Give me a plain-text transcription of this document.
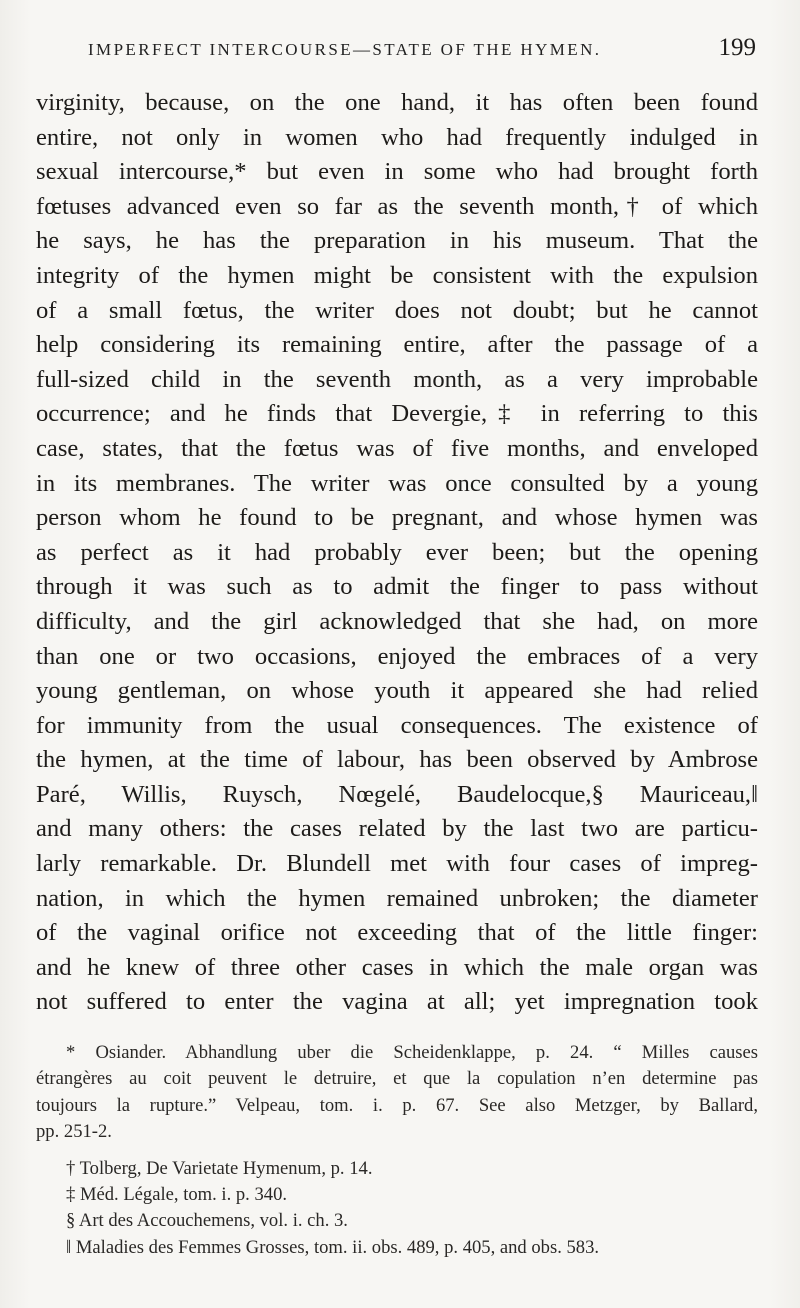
IMPERFECT INTERCOURSE—STATE OF THE HYMEN.	199
virginity, because, on the one hand, it has often been found
entire, not only in women who had frequently indulged in
sexual intercourse,* but even in some who had brought forth
fœtuses advanced even so far as the seventh month,† of which
he says, he has the preparation in his museum. That the
integrity of the hymen might be consistent with the expulsion
of a small fœtus, the writer does not doubt; but he cannot
help considering its remaining entire, after the passage of a
full-sized child in the seventh month, as a very improbable
occurrence; and he finds that Devergie,‡ in referring to this
case, states, that the fœtus was of five months, and enveloped
in its membranes. The writer was once consulted by a young
person whom he found to be pregnant, and whose hymen was
as perfect as it had probably ever been; but the opening
through it was such as to admit the finger to pass without
difficulty, and the girl acknowledged that she had, on more
than one or two occasions, enjoyed the embraces of a very
young gentleman, on whose youth it appeared she had relied
for immunity from the usual consequences. The existence of
the hymen, at the time of labour, has been observed by Ambrose
Paré, Willis, Ruysch, Nœgelé, Baudelocque,§ Mauriceau,‖
and many others: the cases related by the last two are particu-
larly remarkable. Dr. Blundell met with four cases of impreg-
nation, in which the hymen remained unbroken; the diameter
of the vaginal orifice not exceeding that of the little finger:
and he knew of three other cases in which the male organ was
not suffered to enter the vagina at all; yet impregnation took
* Osiander. Abhandlung uber die Scheidenklappe, p. 24. “ Milles causes
étrangères au coit peuvent le detruire, et que la copulation n’en determine pas
toujours la rupture.” Velpeau, tom. i. p. 67. See also Metzger, by Ballard,
pp. 251-2.
† Tolberg, De Varietate Hymenum, p. 14.
‡ Méd. Légale, tom. i. p. 340.
§ Art des Accouchemens, vol. i. ch. 3.
‖ Maladies des Femmes Grosses, tom. ii. obs. 489, p. 405, and obs. 583.
